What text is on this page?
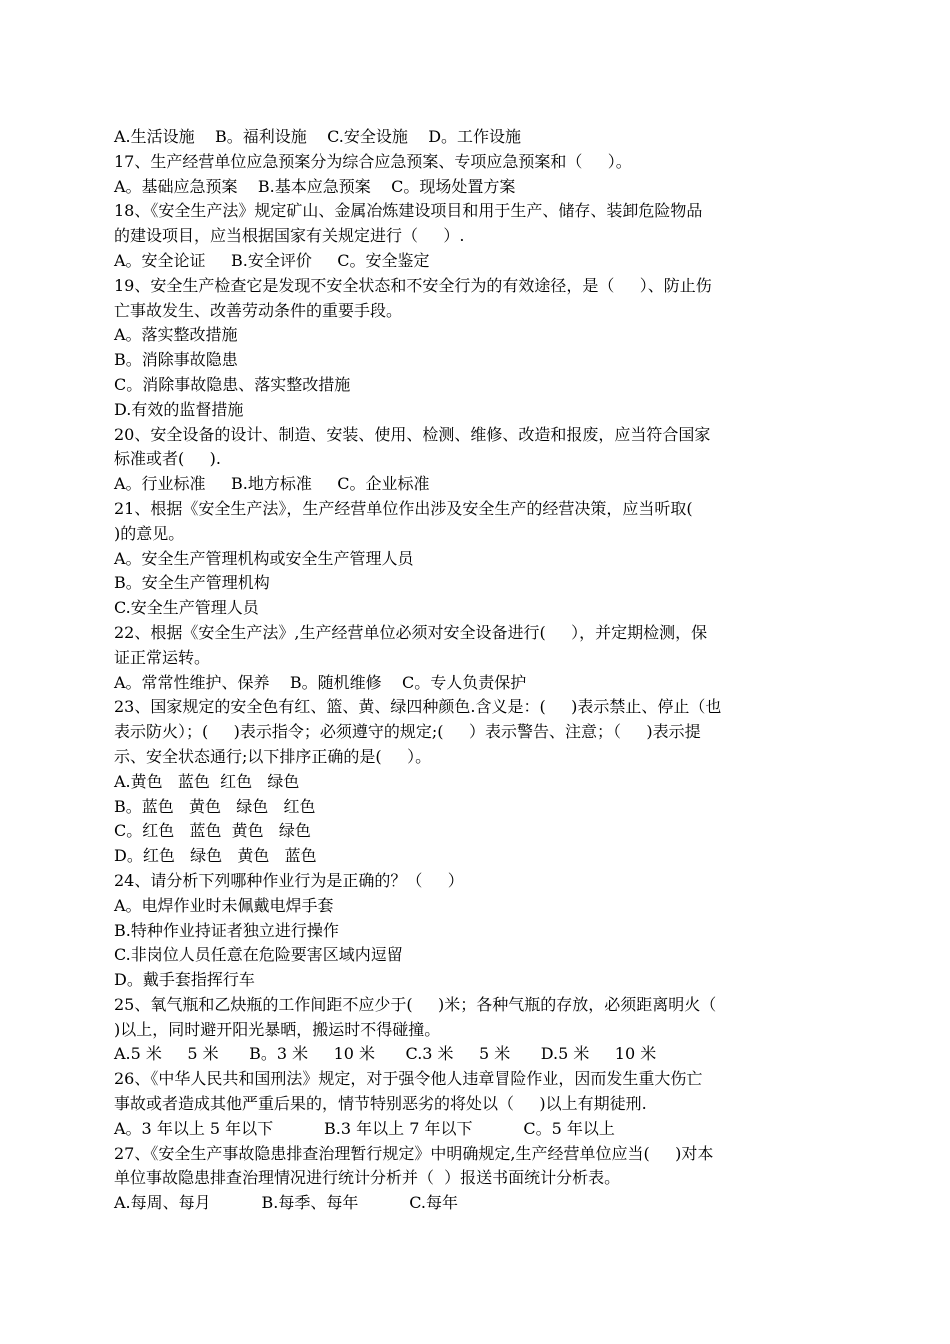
A.生活设施    B。福利设施    C.安全设施    D。工作设施
17、生产经营单位应急预案分为综合应急预案、专项应急预案和（     ）。
A。基础应急预案    B.基本应急预案    C。现场处置方案
18、《安全生产法》规定矿山、金属冶炼建设项目和用于生产、储存、装卸危险物品
的建设项目，应当根据国家有关规定进行（     ）.
A。安全论证     B.安全评价     C。安全鉴定
19、安全生产检查它是发现不安全状态和不安全行为的有效途径，是（     ）、防止伤
亡事故发生、改善劳动条件的重要手段。
A。落实整改措施
B。消除事故隐患
C。消除事故隐患、落实整改措施
D.有效的监督措施
20、安全设备的设计、制造、安装、使用、检测、维修、改造和报废，应当符合国家
标准或者(     ).
A。行业标准     B.地方标准     C。企业标准
21、根据《安全生产法》，生产经营单位作出涉及安全生产的经营决策，应当听取(
)的意见。
A。安全生产管理机构或安全生产管理人员
B。安全生产管理机构
C.安全生产管理人员
22、根据《安全生产法》,生产经营单位必须对安全设备进行(     ），并定期检测，保
证正常运转。
A。常常性维护、保养    B。随机维修    C。专人负责保护
23、国家规定的安全色有红、篮、黄、绿四种颜色.含义是：(     )表示禁止、停止（也
表示防火）；(     )表示指令；必须遵守的规定;(     ）表示警告、注意；（     )表示提
示、安全状态通行;以下排序正确的是(     ）。
A.黄色   蓝色  红色   绿色
B。蓝色   黄色   绿色   红色
C。红色   蓝色  黄色   绿色
D。红色   绿色   黄色   蓝色
24、请分析下列哪种作业行为是正确的？（     ）
A。电焊作业时未佩戴电焊手套
B.特种作业持证者独立进行操作
C.非岗位人员任意在危险要害区域内逗留
D。戴手套指挥行车
25、氧气瓶和乙炔瓶的工作间距不应少于(     )米；各种气瓶的存放，必须距离明火（
)以上，同时避开阳光暴晒，搬运时不得碰撞。
A.5 米     5 米      B。3 米     10 米      C.3 米     5 米      D.5 米     10 米
26、《中华人民共和国刑法》规定，对于强令他人违章冒险作业，因而发生重大伤亡
事故或者造成其他严重后果的，情节特别恶劣的将处以（     )以上有期徒刑.
A。3 年以上 5 年以下          B.3 年以上 7 年以下          C。5 年以上
27、《安全生产事故隐患排查治理暂行规定》中明确规定,生产经营单位应当(     )对本
单位事故隐患排查治理情况进行统计分析并（  ）报送书面统计分析表。
A.每周、每月          B.每季、每年          C.每年
